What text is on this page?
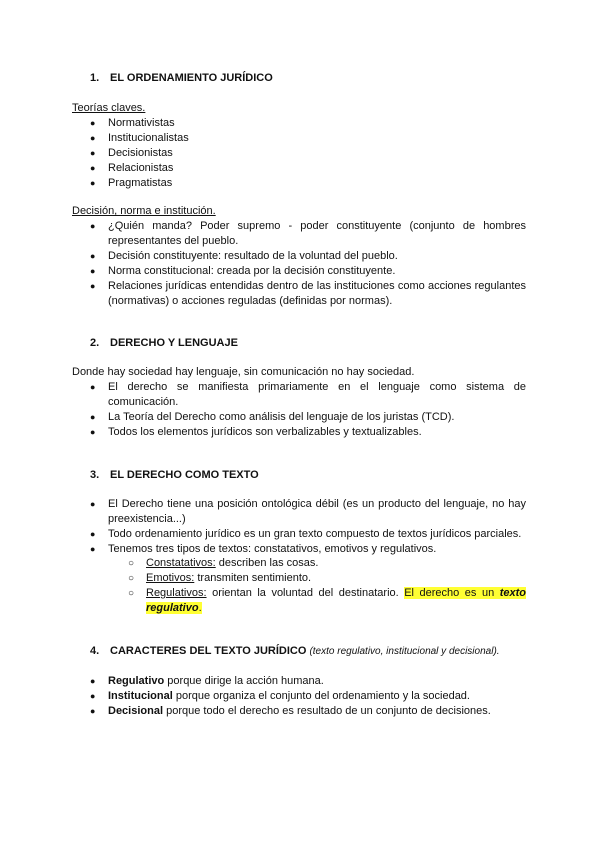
1. EL ORDENAMIENTO JURÍDICO
Teorías claves.
● Normativistas
● Institucionalistas
● Decisionistas
● Relacionistas
● Pragmatistas
Decisión, norma e institución.
● ¿Quién manda? Poder supremo - poder constituyente (conjunto de hombres representantes del pueblo.
● Decisión constituyente: resultado de la voluntad del pueblo.
● Norma constitucional: creada por la decisión constituyente.
● Relaciones jurídicas entendidas dentro de las instituciones como acciones regulantes (normativas) o acciones reguladas (definidas por normas).
2. DERECHO Y LENGUAJE
Donde hay sociedad hay lenguaje, sin comunicación no hay sociedad.
● El derecho se manifiesta primariamente en el lenguaje como sistema de comunicación.
● La Teoría del Derecho como análisis del lenguaje de los juristas (TCD).
● Todos los elementos jurídicos son verbalizables y textualizables.
3. EL DERECHO COMO TEXTO
● El Derecho tiene una posición ontológica débil (es un producto del lenguaje, no hay preexistencia...)
● Todo ordenamiento jurídico es un gran texto compuesto de textos jurídicos parciales.
● Tenemos tres tipos de textos: constatativos, emotivos y regulativos.
○ Constatativos: describen las cosas.
○ Emotivos: transmiten sentimiento.
○ Regulativos: orientan la voluntad del destinatario. El derecho es un texto regulativo.
4. CARACTERES DEL TEXTO JURÍDICO (texto regulativo, institucional y decisional).
● Regulativo porque dirige la acción humana.
● Institucional porque organiza el conjunto del ordenamiento y la sociedad.
● Decisional porque todo el derecho es resultado de un conjunto de decisiones.
